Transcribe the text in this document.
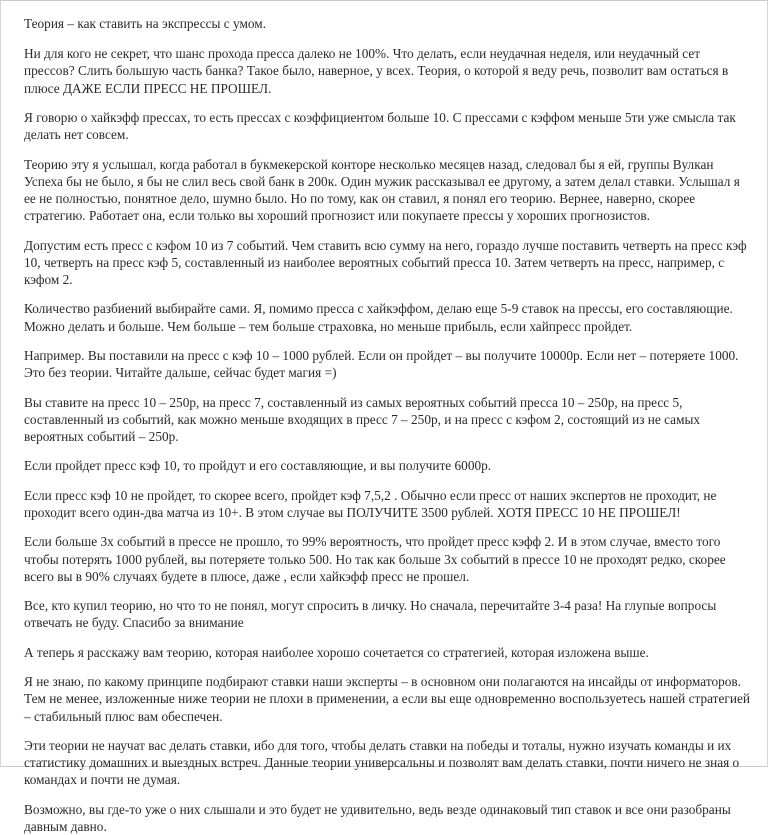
Теория – как ставить на экспрессы с умом.

Ни для кого не секрет, что шанс прохода пресса далеко не 100%. Что делать, если неудачная неделя, или неудачный сет прессов? Слить большую часть банка? Такое было, наверное, у всех. Теория, о которой я веду речь, позволит вам остаться в плюсе ДАЖЕ ЕСЛИ ПРЕСС НЕ ПРОШЕЛ.

Я говорю о хайкэфф прессах, то есть прессах с коэффициентом больше 10. С прессами с кэффом меньше 5ти уже смысла так делать нет совсем.

Теорию эту я услышал, когда работал в букмекерской конторе несколько месяцев назад, следовал бы я ей, группы Вулкан Успеха бы не было, я бы не слил весь свой банк в 200к. Один мужик рассказывал ее другому, а затем делал ставки. Услышал я ее не полностью, понятное дело, шумно было. Но по тому, как он ставил, я понял его теорию. Вернее, наверно, скорее стратегию. Работает она, если только вы хороший прогнозист или покупаете прессы у хороших прогнозистов.

Допустим есть пресс с кэфом 10 из 7 событий. Чем ставить всю сумму на него, гораздо лучше поставить четверть на пресс кэф 10, четверть на пресс кэф 5, составленный из наиболее вероятных событий пресса 10. Затем четверть на пресс, например, с кэфом 2.

Количество разбиений выбирайте сами. Я, помимо пресса с хайкэффом, делаю еще 5-9 ставок на прессы, его составляющие. Можно делать и больше. Чем больше – тем больше страховка, но меньше прибыль, если хайпресс пройдет.

Например. Вы поставили на пресс с кэф 10 – 1000 рублей. Если он пройдет – вы получите 10000р. Если нет – потеряете 1000. Это без теории. Читайте дальше, сейчас будет магия =)

Вы ставите на пресс 10 – 250р, на пресс 7, составленный из самых вероятных событий пресса 10 – 250р, на пресс 5, составленный из событий, как можно меньше входящих в пресс 7 – 250р, и на пресс с кэфом 2, состоящий из не самых вероятных событий – 250р.

Если пройдет пресс кэф 10, то пройдут и его составляющие, и вы получите 6000р.

Если пресс кэф 10 не пройдет, то скорее всего, пройдет кэф 7,5,2 . Обычно если пресс от наших экспертов не проходит, не проходит всего один-два матча из 10+. В этом случае вы ПОЛУЧИТЕ 3500 рублей. ХОТЯ ПРЕСС 10 НЕ ПРОШЕЛ!

Если больше 3х событий в прессе не прошло, то 99% вероятность, что пройдет пресс кэфф 2. И в этом случае, вместо того чтобы потерять 1000 рублей, вы потеряете только 500. Но так как больше 3х событий в прессе 10 не проходят редко, скорее всего вы в 90% случаях будете в плюсе, даже , если хайкэфф пресс не прошел.

Все, кто купил теорию, но что то не понял, могут спросить в личку. Но сначала, перечитайте 3-4 раза! На глупые вопросы отвечать не буду. Спасибо за внимание

А теперь я расскажу вам теорию, которая наиболее хорошо сочетается со стратегией, которая изложена выше.

Я не знаю, по какому принципе подбирают ставки наши эксперты – в основном они полагаются на инсайды от информаторов. Тем не менее, изложенные ниже теории не плохи в применении, а если вы еще одновременно воспользуетесь нашей стратегией – стабильный плюс вам обеспечен.

Эти теории не научат вас делать ставки, ибо для того, чтобы делать ставки на победы и тоталы, нужно изучать команды и их статистику домашних и выездных встреч. Данные теории универсальны и позволят вам делать ставки, почти ничего не зная о командах и почти не думая.

Возможно, вы где-то уже о них слышали и это будет не удивительно, ведь везде одинаковый тип ставок и все они разобраны давным давно.
